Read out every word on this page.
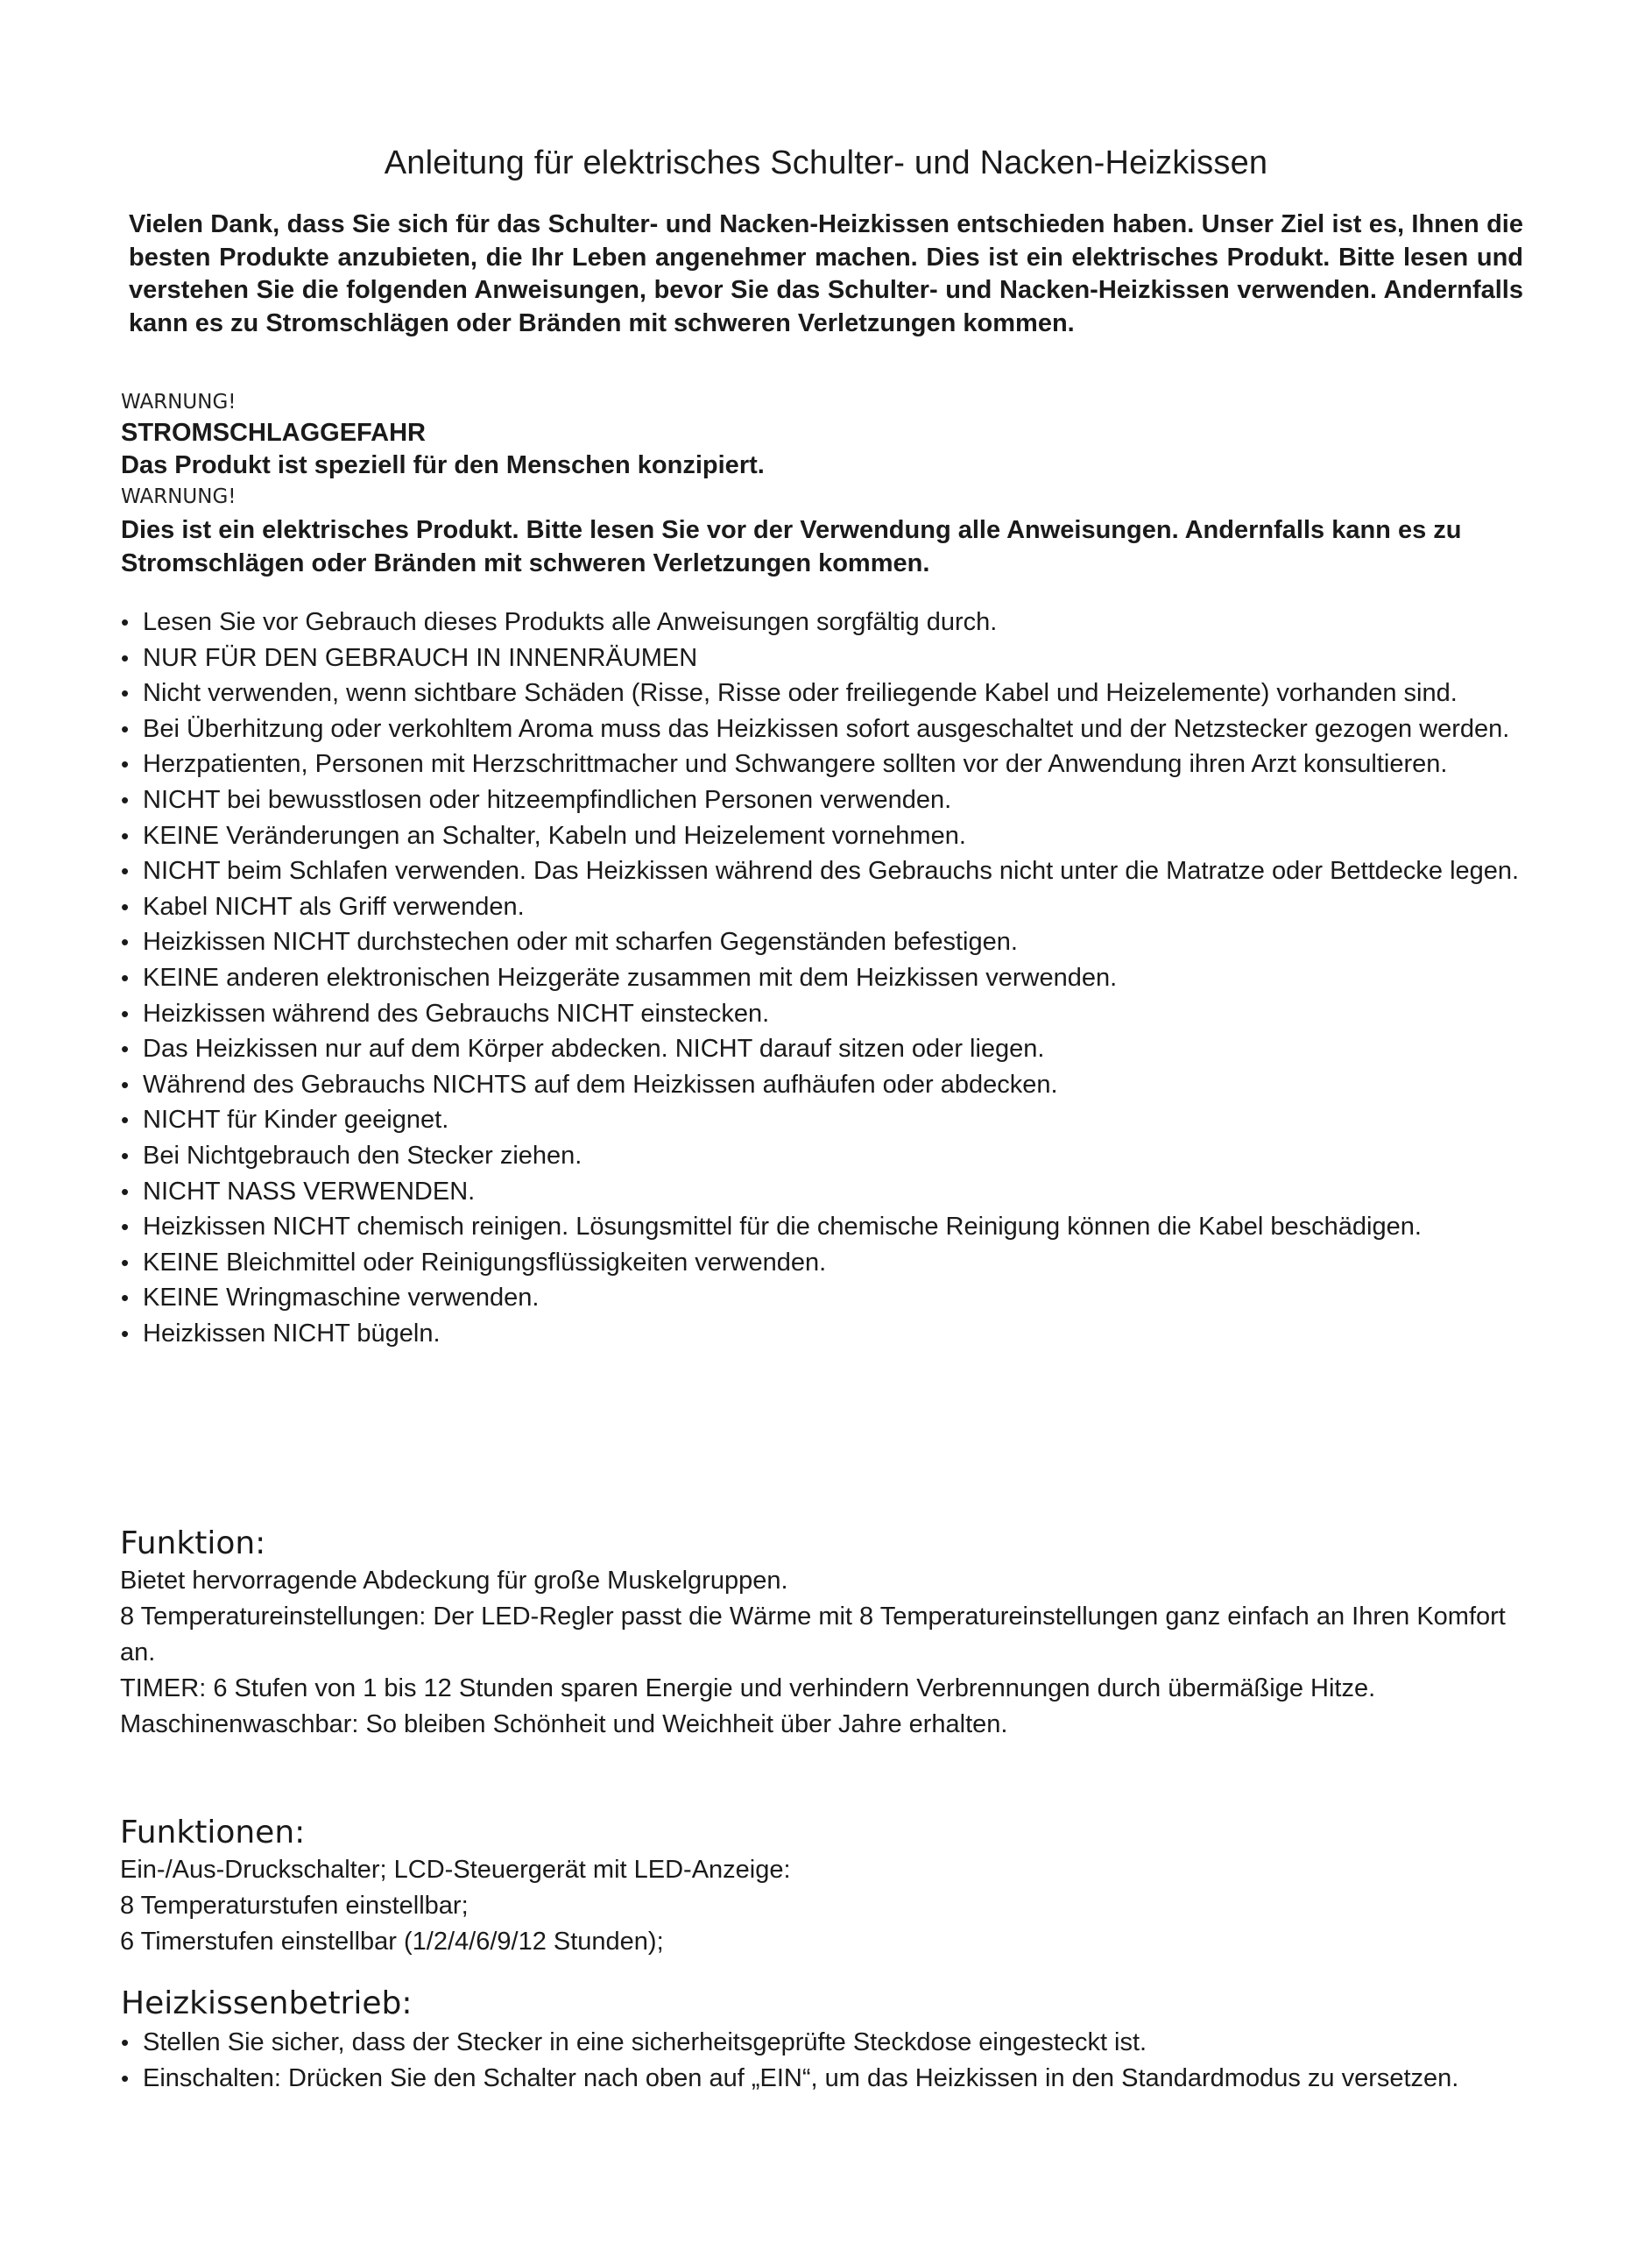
Anleitung für elektrisches Schulter- und Nacken-Heizkissen

Vielen Dank, dass Sie sich für das Schulter- und Nacken-Heizkissen entschieden haben. Unser Ziel ist es, Ihnen die besten Produkte anzubieten, die Ihr Leben angenehmer machen. Dies ist ein elektrisches Produkt. Bitte lesen und verstehen Sie die folgenden Anweisungen, bevor Sie das Schulter- und Nacken-Heizkissen verwenden. Andernfalls kann es zu Stromschlägen oder Bränden mit schweren Verletzungen kommen.

WARNUNG!
STROMSCHLAGGEFAHR
Das Produkt ist speziell für den Menschen konzipiert.
WARNUNG!
Dies ist ein elektrisches Produkt. Bitte lesen Sie vor der Verwendung alle Anweisungen. Andernfalls kann es zu Stromschlägen oder Bränden mit schweren Verletzungen kommen.
• Lesen Sie vor Gebrauch dieses Produkts alle Anweisungen sorgfältig durch.
• NUR FÜR DEN GEBRAUCH IN INNENRÄUMEN
• Nicht verwenden, wenn sichtbare Schäden (Risse, Risse oder freiliegende Kabel und Heizelemente) vorhanden sind.
• Bei Überhitzung oder verkohltem Aroma muss das Heizkissen sofort ausgeschaltet und der Netzstecker gezogen werden.
• Herzpatienten, Personen mit Herzschrittmacher und Schwangere sollten vor der Anwendung ihren Arzt konsultieren.
• NICHT bei bewusstlosen oder hitzeempfindlichen Personen verwenden.
• KEINE Veränderungen an Schalter, Kabeln und Heizelement vornehmen.
• NICHT beim Schlafen verwenden. Das Heizkissen während des Gebrauchs nicht unter die Matratze oder Bettdecke legen.
• Kabel NICHT als Griff verwenden.
• Heizkissen NICHT durchstechen oder mit scharfen Gegenständen befestigen.
• KEINE anderen elektronischen Heizgeräte zusammen mit dem Heizkissen verwenden.
• Heizkissen während des Gebrauchs NICHT einstecken.
• Das Heizkissen nur auf dem Körper abdecken. NICHT darauf sitzen oder liegen.
• Während des Gebrauchs NICHTS auf dem Heizkissen aufhäufen oder abdecken.
• NICHT für Kinder geeignet.
• Bei Nichtgebrauch den Stecker ziehen.
• NICHT NASS VERWENDEN.
• Heizkissen NICHT chemisch reinigen. Lösungsmittel für die chemische Reinigung können die Kabel beschädigen.
• KEINE Bleichmittel oder Reinigungsflüssigkeiten verwenden.
• KEINE Wringmaschine verwenden.
• Heizkissen NICHT bügeln.
Funktion:
Bietet hervorragende Abdeckung für große Muskelgruppen.
8 Temperatureinstellungen: Der LED-Regler passt die Wärme mit 8 Temperatureinstellungen ganz einfach an Ihren Komfort an.
TIMER: 6 Stufen von 1 bis 12 Stunden sparen Energie und verhindern Verbrennungen durch übermäßige Hitze.
Maschinenwaschbar: So bleiben Schönheit und Weichheit über Jahre erhalten.
Funktionen:
Ein-/Aus-Druckschalter; LCD-Steuergerät mit LED-Anzeige:
8 Temperaturstufen einstellbar;
6 Timerstufen einstellbar (1/2/4/6/9/12 Stunden);
Heizkissenbetrieb:
• Stellen Sie sicher, dass der Stecker in eine sicherheitsgeprüfte Steckdose eingesteckt ist.
• Einschalten: Drücken Sie den Schalter nach oben auf „EIN“, um das Heizkissen in den Standardmodus zu versetzen.
